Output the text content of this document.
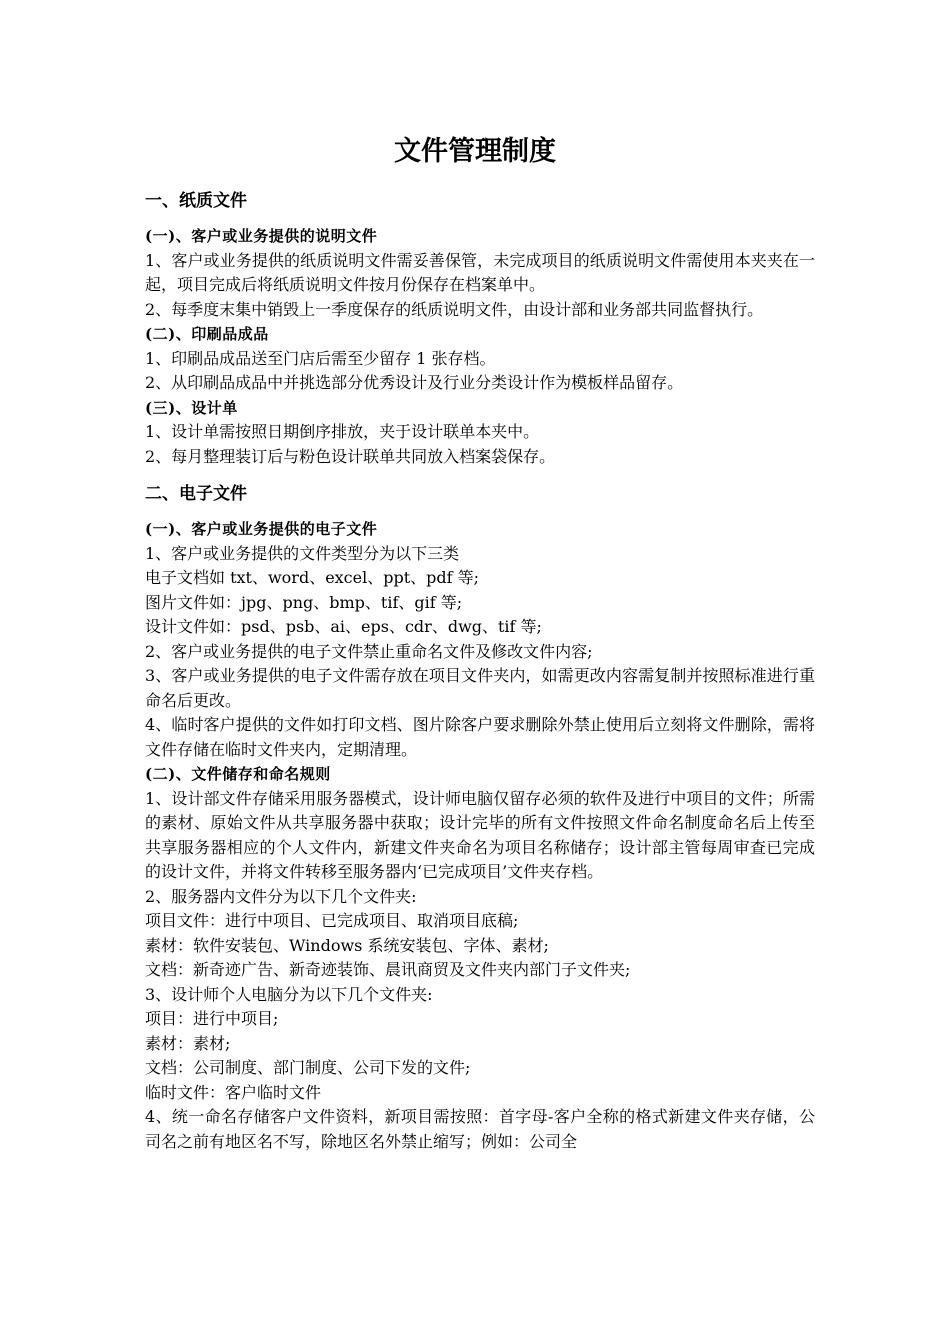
文件管理制度
一、纸质文件

(一)、客户或业务提供的说明文件

1、客户或业务提供的纸质说明文件需妥善保管，未完成项目的纸质说明文件需使用本夹夹在一起，项目完成后将纸质说明文件按月份保存在档案单中。

2、每季度末集中销毁上一季度保存的纸质说明文件，由设计部和业务部共同监督执行。

(二)、印刷品成品

1、印刷品成品送至门店后需至少留存 1 张存档。

2、从印刷品成品中并挑选部分优秀设计及行业分类设计作为模板样品留存。

(三)、设计单

1、设计单需按照日期倒序排放，夹于设计联单本夹中。

2、每月整理装订后与粉色设计联单共同放入档案袋保存。

二、电子文件

(一)、客户或业务提供的电子文件

1、客户或业务提供的文件类型分为以下三类

电子文档如 txt、word、excel、ppt、pdf 等;

图片文件如：jpg、png、bmp、tif、gif 等;

设计文件如：psd、psb、ai、eps、cdr、dwg、tif 等;

2、客户或业务提供的电子文件禁止重命名文件及修改文件内容;

3、客户或业务提供的电子文件需存放在项目文件夹内，如需更改内容需复制并按照标准进行重命名后更改。

4、临时客户提供的文件如打印文档、图片除客户要求删除外禁止使用后立刻将文件删除，需将文件存储在临时文件夹内，定期清理。

(二)、文件储存和命名规则

1、设计部文件存储采用服务器模式，设计师电脑仅留存必须的软件及进行中项目的文件；所需的素材、原始文件从共享服务器中获取；设计完毕的所有文件按照文件命名制度命名后上传至共享服务器相应的个人文件内，新建文件夹命名为项目名称储存；设计部主管每周审查已完成的设计文件，并将文件转移至服务器内‘已完成项目’文件夹存档。

2、服务器内文件分为以下几个文件夹:

项目文件：进行中项目、已完成项目、取消项目底稿;

素材：软件安装包、Windows 系统安装包、字体、素材;

文档：新奇迹广告、新奇迹装饰、晨讯商贸及文件夹内部门子文件夹;

3、设计师个人电脑分为以下几个文件夹:

项目：进行中项目;

素材：素材;

文档：公司制度、部门制度、公司下发的文件;

临时文件：客户临时文件

4、统一命名存储客户文件资料，新项目需按照：首字母-客户全称的格式新建文件夹存储，公司名之前有地区名不写，除地区名外禁止缩写；例如：公司全
